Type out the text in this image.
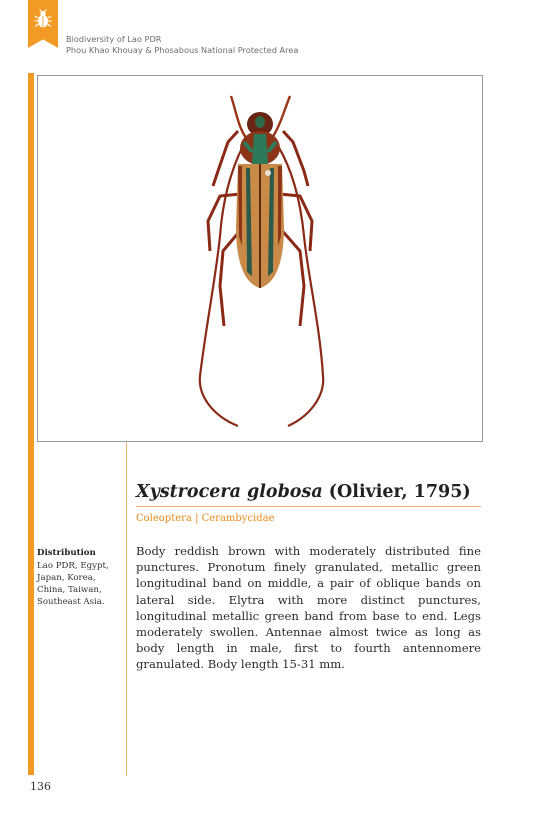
Biodiversity of Lao PDR
Phou Khao Khouay & Phosabous National Protected Area
Xystrocera globosa (Olivier, 1795)
Coleoptera | Cerambycidae
Distribution
Lao PDR, Egypt, Japan, Korea, China, Taiwan, Southeast Asia.
Body reddish brown with moderately distributed fine punctures. Pronotum finely granulated, metallic green longitudinal band on middle, a pair of oblique bands on lateral side. Elytra with more distinct punctures, longitudinal metallic green band from base to end. Legs moderately swollen. Antennae almost twice as long as body length in male, first to fourth antennomere granulated. Body length 15-31 mm.
136
